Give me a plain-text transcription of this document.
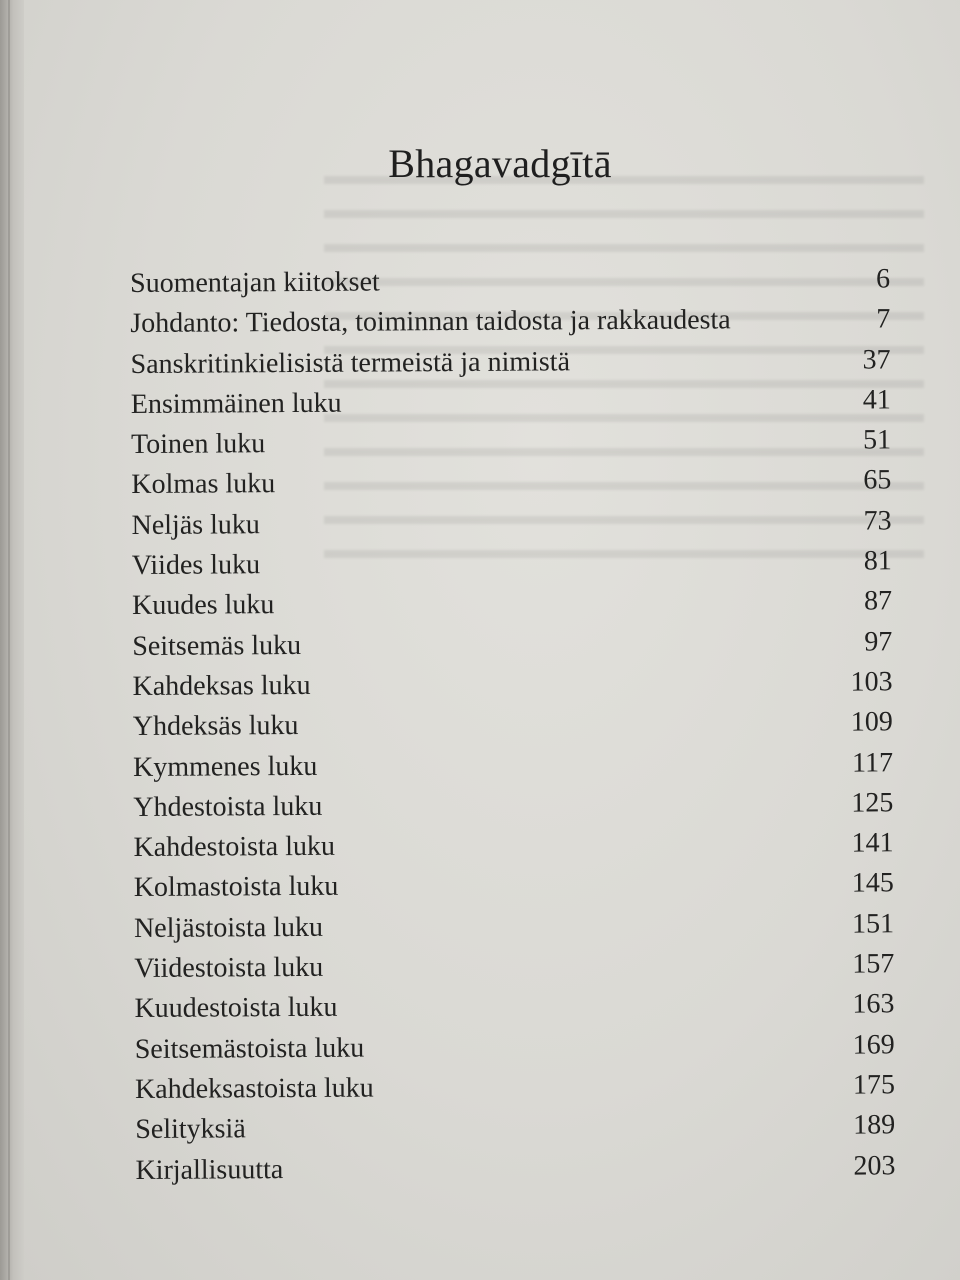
Bhagavadgītā
Suomentajan kiitokset	6
Johdanto: Tiedosta, toiminnan taidosta ja rakkaudesta	7
Sanskritinkielisistä termeistä ja nimistä	37
Ensimmäinen luku	41
Toinen luku	51
Kolmas luku	65
Neljäs luku	73
Viides luku	81
Kuudes luku	87
Seitsemäs luku	97
Kahdeksas luku	103
Yhdeksäs luku	109
Kymmenes luku	117
Yhdestoista luku	125
Kahdestoista luku	141
Kolmastoista luku	145
Neljästoista luku	151
Viidestoista luku	157
Kuudestoista luku	163
Seitsemästoista luku	169
Kahdeksastoista luku	175
Selityksiä	189
Kirjallisuutta	203
